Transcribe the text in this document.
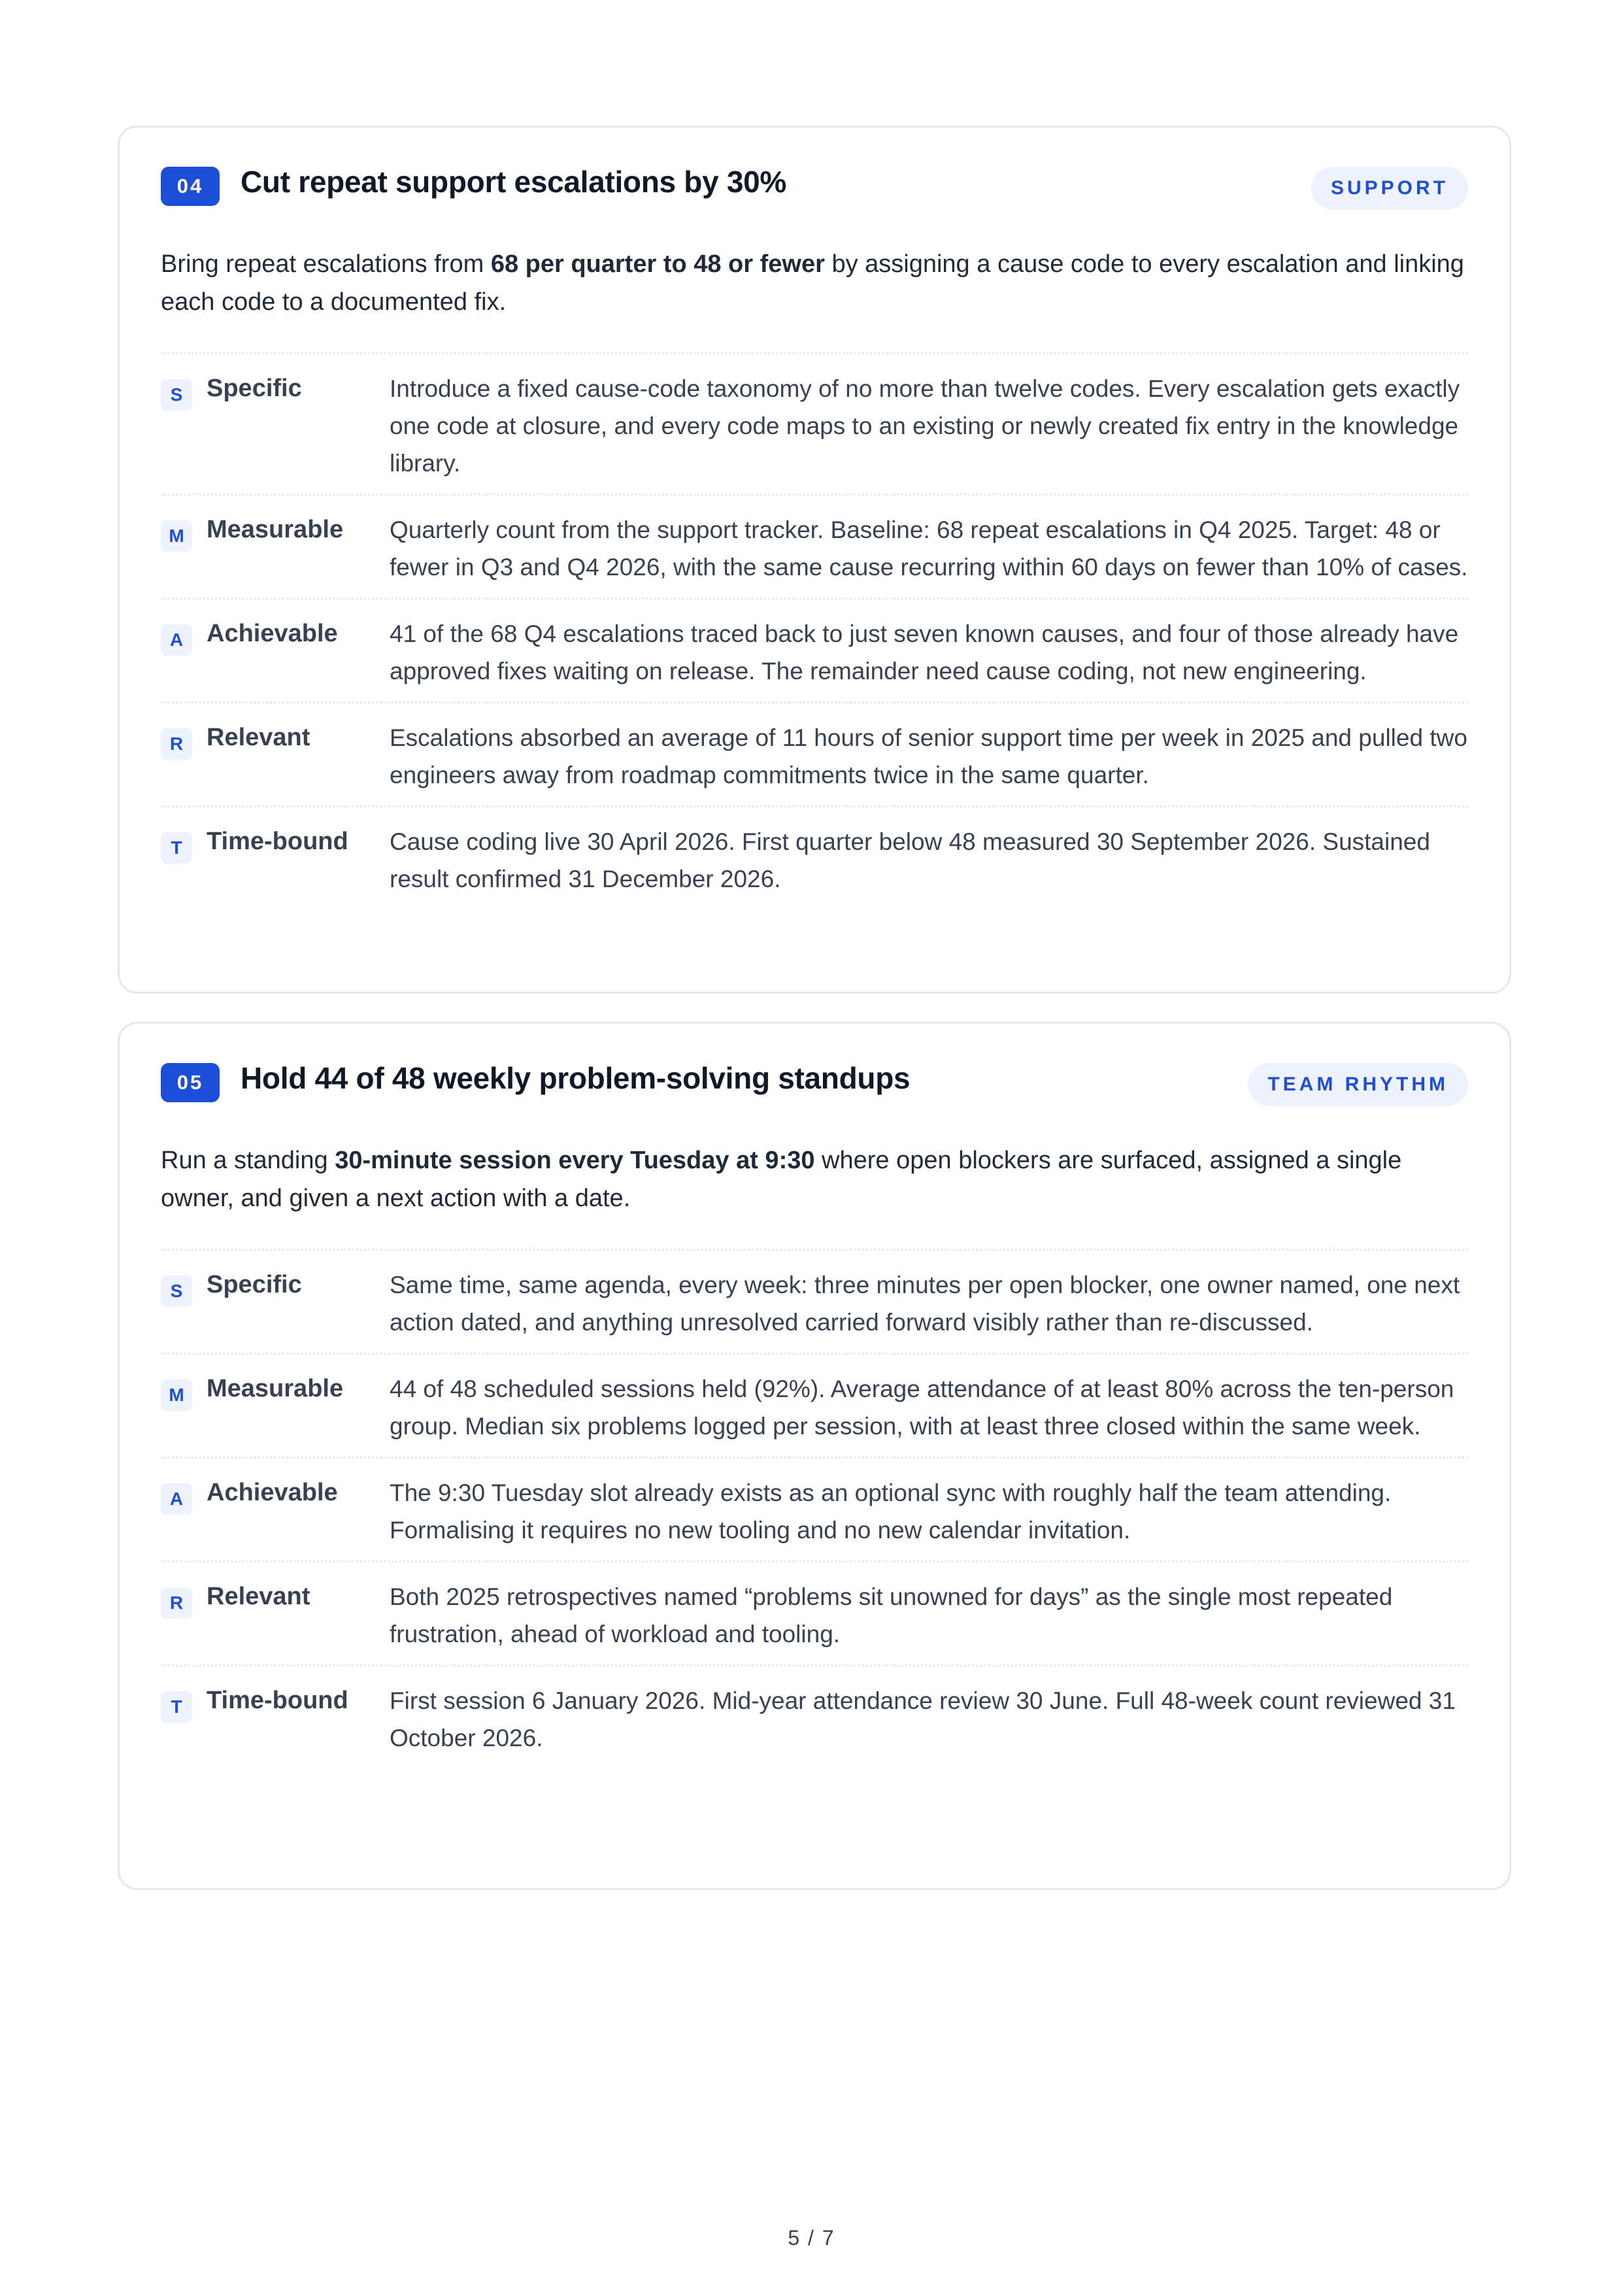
04	Cut repeat support escalations by 30%	SUPPORT

Bring repeat escalations from 68 per quarter to 48 or fewer by assigning a cause code to every escalation and linking each code to a documented fix.

S Specific	Introduce a fixed cause-code taxonomy of no more than twelve codes. Every escalation gets exactly one code at closure, and every code maps to an existing or newly created fix entry in the knowledge library.
M Measurable Quarterly count from the support tracker. Baseline: 68 repeat escalations in Q4 2025. Target: 48 or fewer in Q3 and Q4 2026, with the same cause recurring within 60 days on fewer than 10% of cases.
A Achievable 41 of the 68 Q4 escalations traced back to just seven known causes, and four of those already have approved fixes waiting on release. The remainder need cause coding, not new engineering.
R Relevant	Escalations absorbed an average of 11 hours of senior support time per week in 2025 and pulled two engineers away from roadmap commitments twice in the same quarter.
T Time-bound Cause coding live 30 April 2026. First quarter below 48 measured 30 September 2026. Sustained result confirmed 31 December 2026.
05	Hold 44 of 48 weekly problem-solving standups	TEAM RHYTHM

Run a standing 30-minute session every Tuesday at 9:30 where open blockers are surfaced, assigned a single owner, and given a next action with a date.

S Specific	Same time, same agenda, every week: three minutes per open blocker, one owner named, one next action dated, and anything unresolved carried forward visibly rather than re-discussed.
M Measurable 44 of 48 scheduled sessions held (92%). Average attendance of at least 80% across the ten-person group. Median six problems logged per session, with at least three closed within the same week.
A Achievable The 9:30 Tuesday slot already exists as an optional sync with roughly half the team attending. Formalising it requires no new tooling and no new calendar invitation.
R Relevant	Both 2025 retrospectives named “problems sit unowned for days” as the single most repeated frustration, ahead of workload and tooling.
T Time-bound First session 6 January 2026. Mid-year attendance review 30 June. Full 48-week count reviewed 31 October 2026.
5 / 7
